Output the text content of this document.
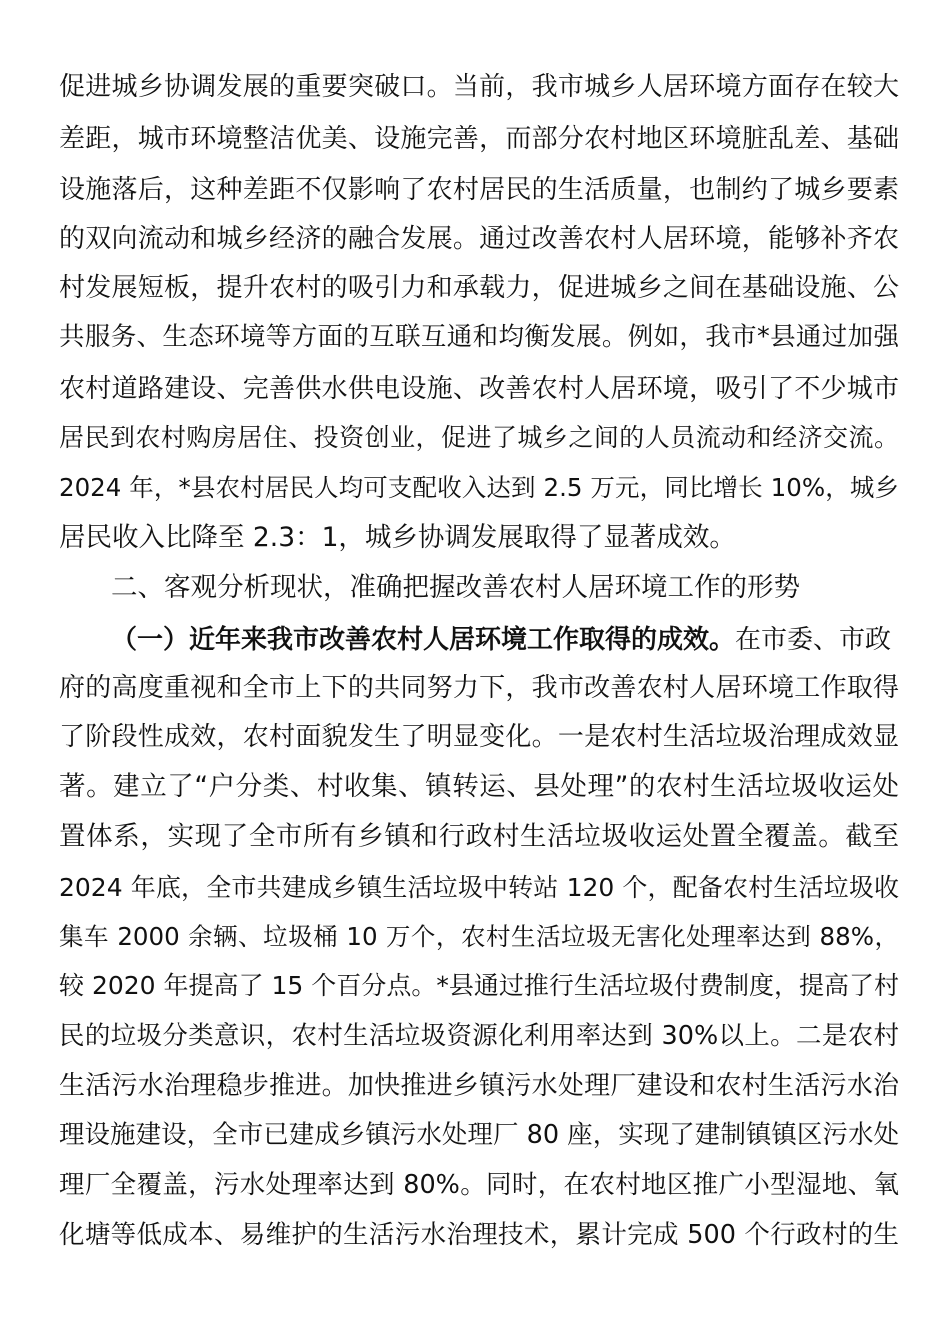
促进城乡协调发展的重要突破口。当前，我市城乡人居环境方面存在较大
差距，城市环境整洁优美、设施完善，而部分农村地区环境脏乱差、基础
设施落后，这种差距不仅影响了农村居民的生活质量，也制约了城乡要素
的双向流动和城乡经济的融合发展。通过改善农村人居环境，能够补齐农
村发展短板，提升农村的吸引力和承载力，促进城乡之间在基础设施、公
共服务、生态环境等方面的互联互通和均衡发展。例如，我市*县通过加强
农村道路建设、完善供水供电设施、改善农村人居环境，吸引了不少城市
居民到农村购房居住、投资创业，促进了城乡之间的人员流动和经济交流。
2024 年，*县农村居民人均可支配收入达到 2.5 万元，同比增长 10%，城乡
居民收入比降至 2.3：1，城乡协调发展取得了显著成效。
二、客观分析现状，准确把握改善农村人居环境工作的形势
（一）近年来我市改善农村人居环境工作取得的成效。在市委、市政
府的高度重视和全市上下的共同努力下，我市改善农村人居环境工作取得
了阶段性成效，农村面貌发生了明显变化。一是农村生活垃圾治理成效显
著。建立了“户分类、村收集、镇转运、县处理”的农村生活垃圾收运处
置体系，实现了全市所有乡镇和行政村生活垃圾收运处置全覆盖。截至
2024 年底，全市共建成乡镇生活垃圾中转站 120 个，配备农村生活垃圾收
集车 2000 余辆、垃圾桶 10 万个，农村生活垃圾无害化处理率达到 88%，
较 2020 年提高了 15 个百分点。*县通过推行生活垃圾付费制度，提高了村
民的垃圾分类意识，农村生活垃圾资源化利用率达到 30%以上。二是农村
生活污水治理稳步推进。加快推进乡镇污水处理厂建设和农村生活污水治
理设施建设，全市已建成乡镇污水处理厂 80 座，实现了建制镇镇区污水处
理厂全覆盖，污水处理率达到 80%。同时，在农村地区推广小型湿地、氧
化塘等低成本、易维护的生活污水治理技术，累计完成 500 个行政村的生
